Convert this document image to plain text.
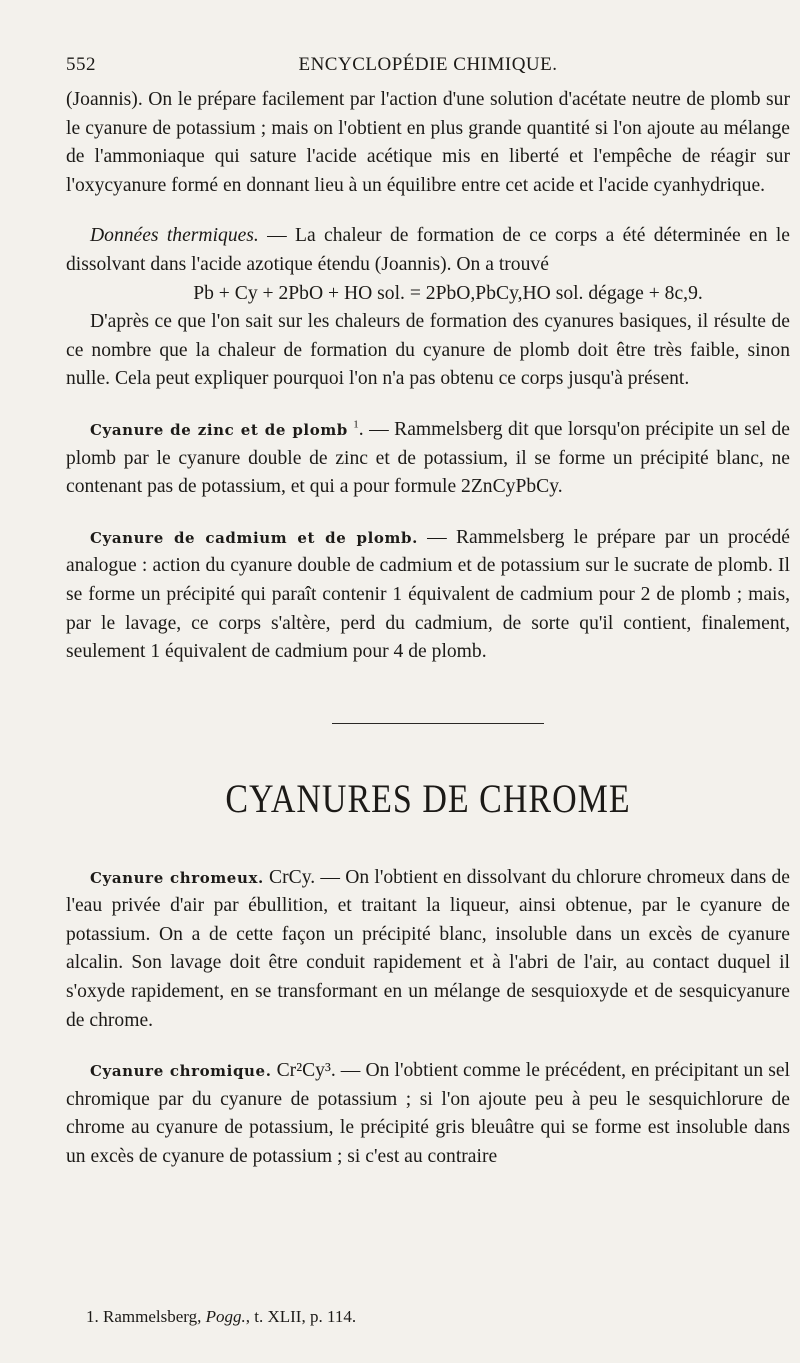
552	ENCYCLOPÉDIE CHIMIQUE.

(Joannis). On le prépare facilement par l'action d'une solution d'acétate neutre de plomb sur le cyanure de potassium ; mais on l'obtient en plus grande quantité si l'on ajoute au mélange de l'ammoniaque qui sature l'acide acétique mis en liberté et l'empêche de réagir sur l'oxycyanure formé en donnant lieu à un équilibre entre cet acide et l'acide cyanhydrique.

Données thermiques. — La chaleur de formation de ce corps a été déterminée en le dissolvant dans l'acide azotique étendu (Joannis). On a trouvé

Pb + Cy + 2PbO + HO sol. = 2PbO,PbCy,HO sol. dégage + 8c,9.

D'après ce que l'on sait sur les chaleurs de formation des cyanures basiques, il résulte de ce nombre que la chaleur de formation du cyanure de plomb doit être très faible, sinon nulle. Cela peut expliquer pourquoi l'on n'a pas obtenu ce corps jusqu'à présent.

Cyanure de zinc et de plomb $^1$. — Rammelsberg dit que lorsqu'on précipite un sel de plomb par le cyanure double de zinc et de potassium, il se forme un précipité blanc, ne contenant pas de potassium, et qui a pour formule 2ZnCyPbCy.

Cyanure de cadmium et de plomb. — Rammelsberg le prépare par un procédé analogue : action du cyanure double de cadmium et de potassium sur le sucrate de plomb. Il se forme un précipité qui paraît contenir 1 équivalent de cadmium pour 2 de plomb ; mais, par le lavage, ce corps s'altère, perd du cadmium, de sorte qu'il contient, finalement, seulement 1 équivalent de cadmium pour 4 de plomb.

CYANURES DE CHROME

Cyanure chromeux. CrCy. — On l'obtient en dissolvant du chlorure chromeux dans de l'eau privée d'air par ébullition, et traitant la liqueur, ainsi obtenue, par le cyanure de potassium. On a de cette façon un précipité blanc, insoluble dans un excès de cyanure alcalin. Son lavage doit être conduit rapidement et à l'abri de l'air, au contact duquel il s'oxyde rapidement, en se transformant en un mélange de sesquioxyde et de sesquicyanure de chrome.

Cyanure chromique. Cr²Cy³. — On l'obtient comme le précédent, en précipitant un sel chromique par du cyanure de potassium ; si l'on ajoute peu à peu le sesquichlorure de chrome au cyanure de potassium, le précipité gris bleuâtre qui se forme est insoluble dans un excès de cyanure de potassium ; si c'est au contraire

1. Rammelsberg, Pogg., t. XLII, p. 114.
